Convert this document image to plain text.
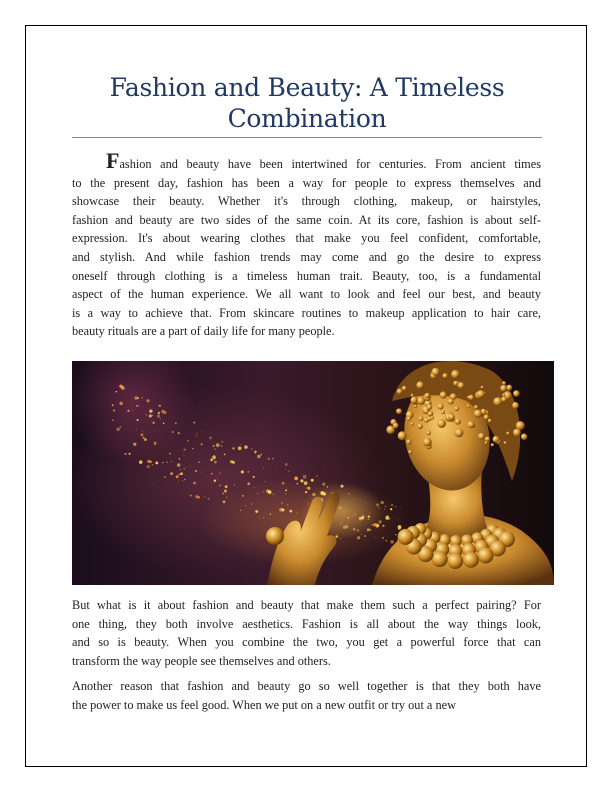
Fashion and Beauty: A Timeless Combination
Fashion and beauty have been intertwined for centuries. From ancient times
to the present day, fashion has been a way for people to express themselves and
showcase their beauty. Whether it's through clothing, makeup, or hairstyles,
fashion and beauty are two sides of the same coin. At its core, fashion is about self-
expression. It's about wearing clothes that make you feel confident, comfortable,
and stylish. And while fashion trends may come and go the desire to express
oneself through clothing is a timeless human trait. Beauty, too, is a fundamental
aspect of the human experience. We all want to look and feel our best, and beauty
is a way to achieve that. From skincare routines to makeup application to hair care,
beauty rituals are a part of daily life for many people.
But what is it about fashion and beauty that make them such a perfect pairing? For
one thing, they both involve aesthetics. Fashion is all about the way things look,
and so is beauty. When you combine the two, you get a powerful force that can
transform the way people see themselves and others.
Another reason that fashion and beauty go so well together is that they both have
the power to make us feel good. When we put on a new outfit or try out a new
